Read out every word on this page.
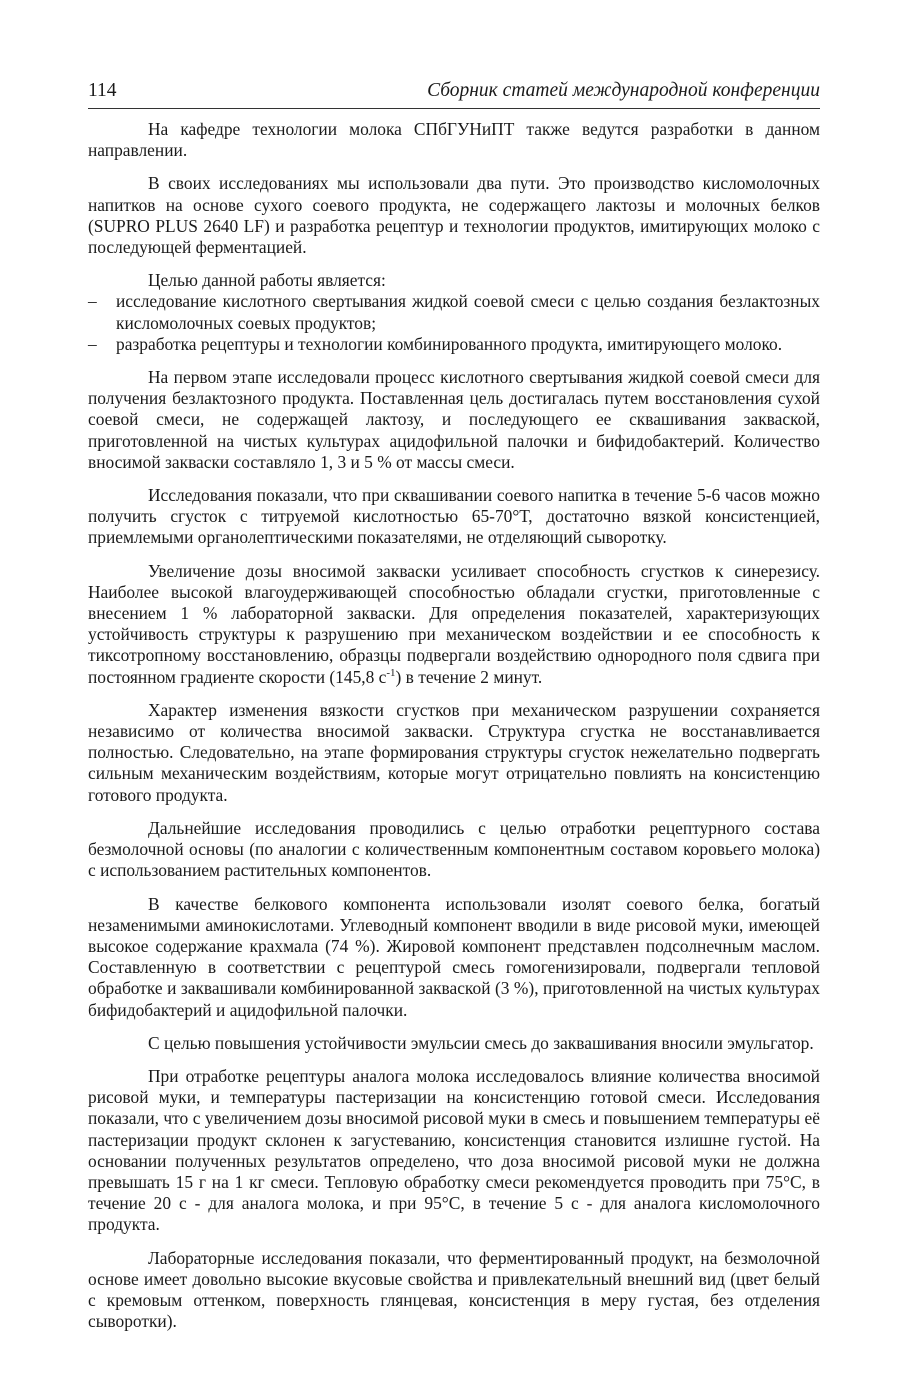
114	Сборник статей международной конференции

На кафедре технологии молока СПбГУНиПТ также ведутся разработки в данном направлении.

В своих исследованиях мы использовали два пути. Это производство кисломолочных напитков на основе сухого соевого продукта, не содержащего лактозы и молочных белков (SUPRO PLUS 2640 LF) и разработка рецептур и технологии продуктов, имитирующих молоко с последующей ферментацией.

Целью данной работы является:

– исследование кислотного свертывания жидкой соевой смеси с целью создания безлактозных кисломолочных соевых продуктов;
– разработка рецептуры и технологии комбинированного продукта, имитирующего молоко.

На первом этапе исследовали процесс кислотного свертывания жидкой соевой смеси для получения безлактозного продукта. Поставленная цель достигалась путем восстановления сухой соевой смеси, не содержащей лактозу, и последующего ее сквашивания закваской, приготовленной на чистых культурах ацидофильной палочки и бифидобактерий. Количество вносимой закваски составляло 1, 3 и 5 % от массы смеси.

Исследования показали, что при сквашивании соевого напитка в течение 5-6 часов можно получить сгусток с титруемой кислотностью 65-70°Т, достаточно вязкой консистенцией, приемлемыми органолептическими показателями, не отделяющий сыворотку.

Увеличение дозы вносимой закваски усиливает способность сгустков к синерезису. Наиболее высокой влагоудерживающей способностью обладали сгустки, приготовленные с внесением 1 % лабораторной закваски. Для определения показателей, характеризующих устойчивость структуры к разрушению при механическом воздействии и ее способность к тиксотропному восстановлению, образцы подвергали воздействию однородного поля сдвига при постоянном градиенте скорости (145,8 $с^{-1}$) в течение 2 минут.

Характер изменения вязкости сгустков при механическом разрушении сохраняется независимо от количества вносимой закваски. Структура сгустка не восстанавливается полностью. Следовательно, на этапе формирования структуры сгусток нежелательно подвергать сильным механическим воздействиям, которые могут отрицательно повлиять на консистенцию готового продукта.

Дальнейшие исследования проводились с целью отработки рецептурного состава безмолочной основы (по аналогии с количественным компонентным составом коровьего молока) с использованием растительных компонентов.

В качестве белкового компонента использовали изолят соевого белка, богатый незаменимыми аминокислотами. Углеводный компонент вводили в виде рисовой муки, имеющей высокое содержание крахмала (74 %). Жировой компонент представлен подсолнечным маслом. Составленную в соответствии с рецептурой смесь гомогенизировали, подвергали тепловой обработке и заквашивали комбинированной закваской (3 %), приготовленной на чистых культурах бифидобактерий и ацидофильной палочки.

С целью повышения устойчивости эмульсии смесь до заквашивания вносили эмульгатор.

При отработке рецептуры аналога молока исследовалось влияние количества вносимой рисовой муки, и температуры пастеризации на консистенцию готовой смеси. Исследования показали, что с увеличением дозы вносимой рисовой муки в смесь и повышением температуры её пастеризации продукт склонен к загустеванию, консистенция становится излишне густой. На основании полученных результатов определено, что доза вносимой рисовой муки не должна превышать 15 г на 1 кг смеси. Тепловую обработку смеси рекомендуется проводить при 75°С, в течение 20 с - для аналога молока, и при 95°С, в течение 5 с - для аналога кисломолочного продукта.

Лабораторные исследования показали, что ферментированный продукт, на безмолочной основе имеет довольно высокие вкусовые свойства и привлекательный внешний вид (цвет белый с кремовым оттенком, поверхность глянцевая, консистенция в меру густая, без отделения сыворотки).
